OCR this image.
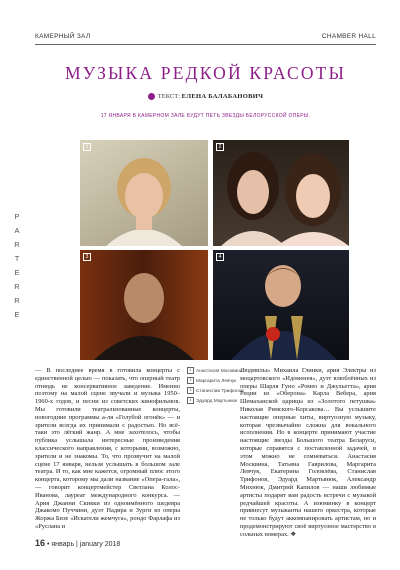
КАМЕРНЫЙ ЗАЛ	CHAMBER HALL
P
A
R
T
E
R
R
E
МУЗЫКА РЕДКОЙ КРАСОТЫ
ТЕКСТ: ЕЛЕНА БАЛАБАНОВИЧ
17 ЯНВАРЯ В КАМЕРНОМ ЗАЛЕ БУДУТ ПЕТЬ ЗВЕЗДЫ БЕЛОРУССКОЙ ОПЕРЫ.
1	2
3	4
— В последнее время в готовила концерты с единственной целью — показать, что оперный театр отнюдь не консервативное заведение. Именно поэтому на малой сцене звучали и музыка 1950–1960-х годов, и песни из советских кинофильмов. Мы готовили театрализованные концерты, новогодние программы а-ля «Голубой огонёк» — и зрители всегда их принимали с радостью. Но всё-таки это лёгкий жанр. А мне захотелось, чтобы публика услышала интересные произведения классического направления, с которыми, возможно, зрители и не знакомы. То, что прозвучит на малой сцене 17 января, нельзя услышать в большом зале театра. И то, как мне кажется, огромный плюс этого концерта, которому мы дали название «Опера-гала», — говорит концертмейстер Светлана Колос-Иванова, лауреат международного конкурса. — Ария Джанни Скикки из одноимённого шедевра Джакомо Пуччини, дуэт Надира и Зурги из оперы Жоржа Бизе «Искатели жемчуга», рондо Фарлафа из «Руслана и
1 Анастасия Москвина
2 Маргарита Левчук
3 Станислав Трифонов
4 Эдуард Мартынюк
Людмилы» Михаила Глинки, ария Электры из моцартовского «Идоменея», дуэт влюблённых из оперы Шарля Гуно «Ромео и Джульетта», ария Реции из «Оберона» Карла Вебера, ария Шемаханской царицы из «Золотого петушка» Николая Римского-Корсакова… Вы услышите настоящие оперные хиты, виртуозную музыку, которая чрезвычайно сложна для вокального исполнения. Но в концерте принимают участие настоящие звезды Большого театра Беларуси, которые справятся с поставленной задачей, в этом можно не сомневаться. Анастасия Москвина, Татьяна Гаврилова, Маргарита Левчук, Екатерина Головлёва, Станислав Трифонов, Эдуард Мартынюк, Александр Михнюк, Дмитрий Капилов — наши любимые артисты подарят вам радость встречи с музыкой редчайшей красоты. А изюминку в концерт привнесут музыканты нашего оркестра, которые не только будут аккомпанировать артистам, но и продемонстрируют своё виртуозное мастерство в сольных номерах. ❖
16 • январь | january 2018
